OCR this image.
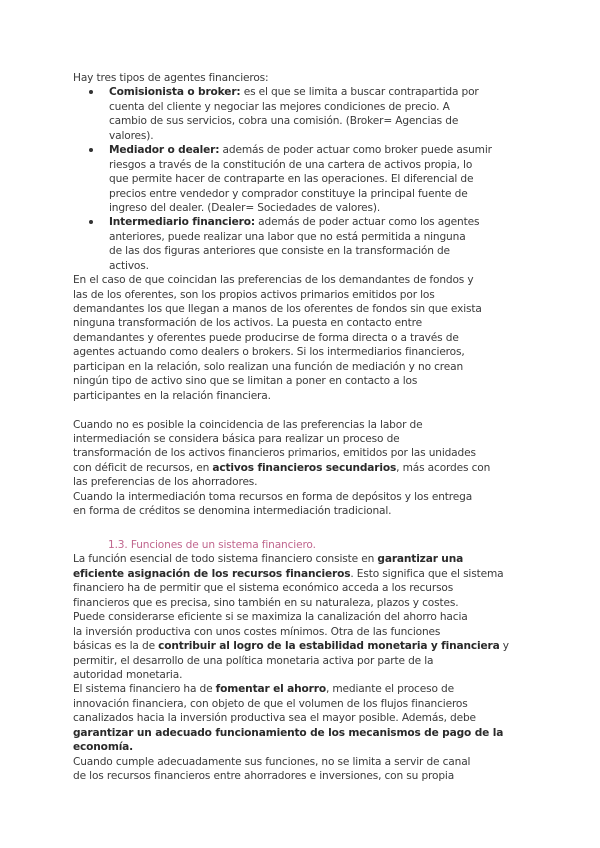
Hay tres tipos de agentes financieros:
Comisionista o broker: es el que se limita a buscar contrapartida por
cuenta del cliente y negociar las mejores condiciones de precio. A
cambio de sus servicios, cobra una comisión. (Broker= Agencias de
valores).
Mediador o dealer: además de poder actuar como broker puede asumir
riesgos a través de la constitución de una cartera de activos propia, lo
que permite hacer de contraparte en las operaciones. El diferencial de
precios entre vendedor y comprador constituye la principal fuente de
ingreso del dealer. (Dealer= Sociedades de valores).
Intermediario financiero: además de poder actuar como los agentes
anteriores, puede realizar una labor que no está permitida a ninguna
de las dos figuras anteriores que consiste en la transformación de
activos.
En el caso de que coincidan las preferencias de los demandantes de fondos y
las de los oferentes, son los propios activos primarios emitidos por los
demandantes los que llegan a manos de los oferentes de fondos sin que exista
ninguna transformación de los activos. La puesta en contacto entre
demandantes y oferentes puede producirse de forma directa o a través de
agentes actuando como dealers o brokers. Si los intermediarios financieros,
participan en la relación, solo realizan una función de mediación y no crean
ningún tipo de activo sino que se limitan a poner en contacto a los
participantes en la relación financiera.
Cuando no es posible la coincidencia de las preferencias la labor de
intermediación se considera básica para realizar un proceso de
transformación de los activos financieros primarios, emitidos por las unidades
con déficit de recursos, en activos financieros secundarios, más acordes con
las preferencias de los ahorradores.
Cuando la intermediación toma recursos en forma de depósitos y los entrega
en forma de créditos se denomina intermediación tradicional.
1.3. Funciones de un sistema financiero.
La función esencial de todo sistema financiero consiste en garantizar una
eficiente asignación de los recursos financieros. Esto significa que el sistema
financiero ha de permitir que el sistema económico acceda a los recursos
financieros que es precisa, sino también en su naturaleza, plazos y costes.
Puede considerarse eficiente si se maximiza la canalización del ahorro hacia
la inversión productiva con unos costes mínimos. Otra de las funciones
básicas es la de contribuir al logro de la estabilidad monetaria y financiera y
permitir, el desarrollo de una política monetaria activa por parte de la
autoridad monetaria.
El sistema financiero ha de fomentar el ahorro, mediante el proceso de
innovación financiera, con objeto de que el volumen de los flujos financieros
canalizados hacia la inversión productiva sea el mayor posible. Además, debe
garantizar un adecuado funcionamiento de los mecanismos de pago de la
economía.
Cuando cumple adecuadamente sus funciones, no se limita a servir de canal
de los recursos financieros entre ahorradores e inversiones, con su propia
